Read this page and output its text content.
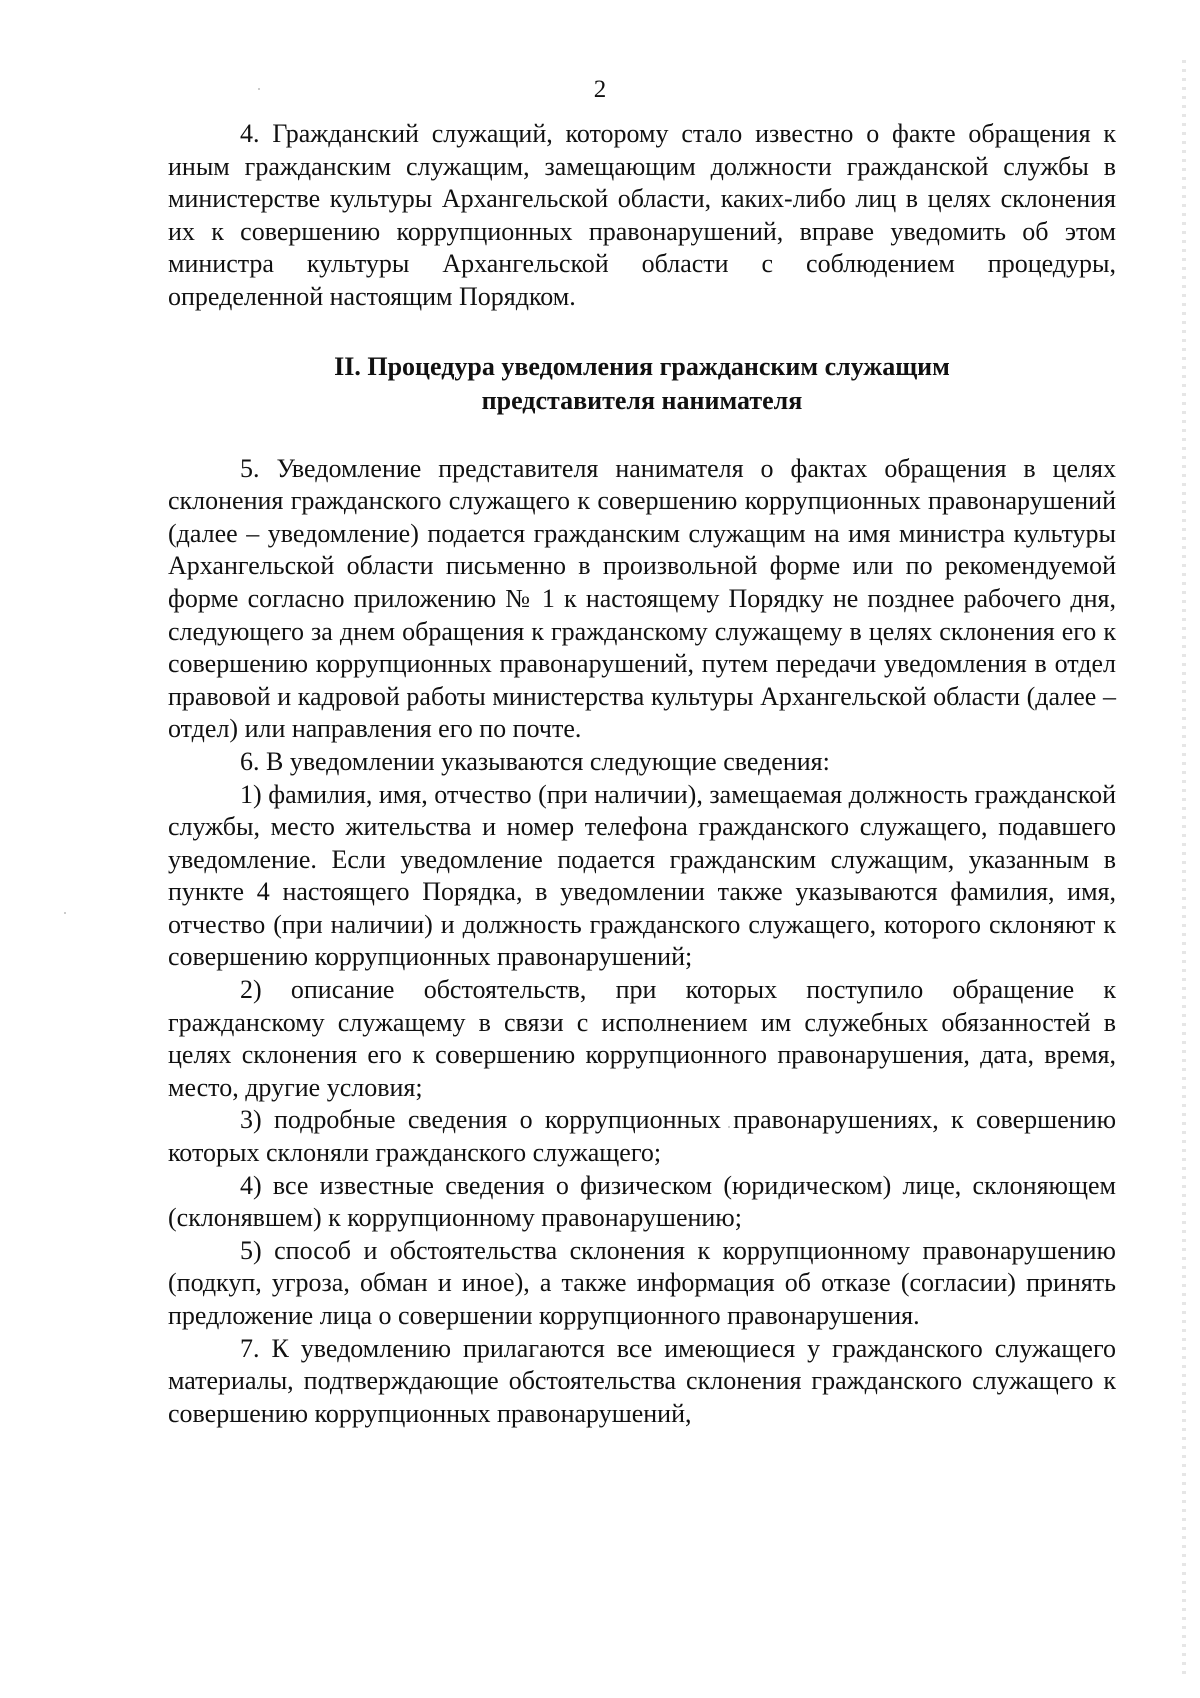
2

4. Гражданский служащий, которому стало известно о факте обращения к иным гражданским служащим, замещающим должности гражданской службы в министерстве культуры Архангельской области, каких-либо лиц в целях склонения их к совершению коррупционных правонарушений, вправе уведомить об этом министра культуры Архангельской области с соблюдением процедуры, определенной настоящим Порядком.

II. Процедура уведомления гражданским служащим
представителя нанимателя

5. Уведомление представителя нанимателя о фактах обращения в целях склонения гражданского служащего к совершению коррупционных правонарушений (далее – уведомление) подается гражданским служащим на имя министра культуры Архангельской области письменно в произвольной форме или по рекомендуемой форме согласно приложению № 1 к настоящему Порядку не позднее рабочего дня, следующего за днем обращения к гражданскому служащему в целях склонения его к совершению коррупционных правонарушений, путем передачи уведомления в отдел правовой и кадровой работы министерства культуры Архангельской области (далее – отдел) или направления его по почте.

6. В уведомлении указываются следующие сведения:

1) фамилия, имя, отчество (при наличии), замещаемая должность гражданской службы, место жительства и номер телефона гражданского служащего, подавшего уведомление. Если уведомление подается гражданским служащим, указанным в пункте 4 настоящего Порядка, в уведомлении также указываются фамилия, имя, отчество (при наличии) и должность гражданского служащего, которого склоняют к совершению коррупционных правонарушений;

2) описание обстоятельств, при которых поступило обращение к гражданскому служащему в связи с исполнением им служебных обязанностей в целях склонения его к совершению коррупционного правонарушения, дата, время, место, другие условия;

3) подробные сведения о коррупционных правонарушениях, к совершению которых склоняли гражданского служащего;

4) все известные сведения о физическом (юридическом) лице, склоняющем (склонявшем) к коррупционному правонарушению;

5) способ и обстоятельства склонения к коррупционному правонарушению (подкуп, угроза, обман и иное), а также информация об отказе (согласии) принять предложение лица о совершении коррупционного правонарушения.

7. К уведомлению прилагаются все имеющиеся у гражданского служащего материалы, подтверждающие обстоятельства склонения гражданского служащего к совершению коррупционных правонарушений,
